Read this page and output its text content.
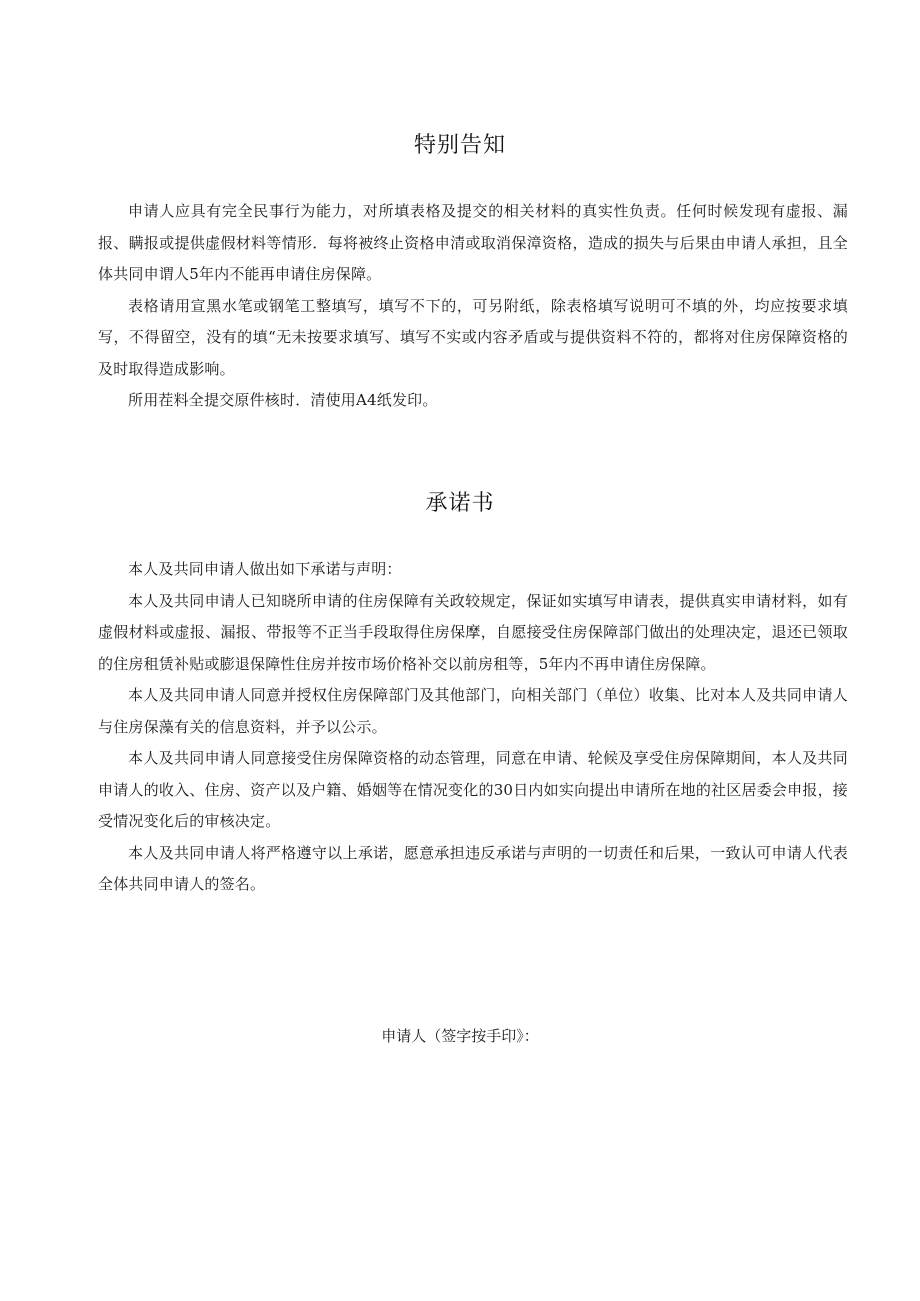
特别告知

申请人应具有完全民事行为能力，对所填表格及提交的相关材料的真实性负责。任何时候发现有虚报、漏报、瞒报或提供虚假材料等情形．每将被终止资格申清或取消保漳资格，造成的损失与后果由申请人承担，且全体共同申谓人5年内不能再申请住房保障。

表格请用宣黑水笔或钢笔工整填写，填写不下的，可另附纸，除表格填写说明可不填的外，均应按要求填写，不得留空，没有的填“无未按要求填写、填写不实或内容矛盾或与提供资料不符的，都将对住房保障资格的及时取得造成影响。

所用茬料全提交原件核时．清使用A4纸发印。

承诺书

本人及共同申请人做出如下承诺与声明：

本人及共同申请人已知晓所申请的住房保障有关政较规定，保证如实填写申请表，提供真实申请材料，如有虚假材料或虚报、漏报、带报等不正当手段取得住房保摩，自愿接受住房保障部门做出的处理决定，退还已领取的住房租赁补贴或膨退保障性住房并按市场价格补交以前房租等，5年内不再申请住房保障。

本人及共同申请人同意并授权住房保障部门及其他部门，向相关部门（单位）收集、比对本人及共同申请人与住房保藻有关的信息资料，并予以公示。

本人及共同申请人同意接受住房保障资格的动态管理，同意在申请、轮候及享受住房保障期间，本人及共同申请人的收入、住房、资产以及户籍、婚姻等在情况变化的30日内如实向提出申请所在地的社区居委会申报，接受情况变化后的审核决定。

本人及共同申请人将严格遵守以上承诺，愿意承担违反承诺与声明的一切责任和后果，一致认可申请人代表全体共同申请人的签名。

申请人（签字按手印》：
